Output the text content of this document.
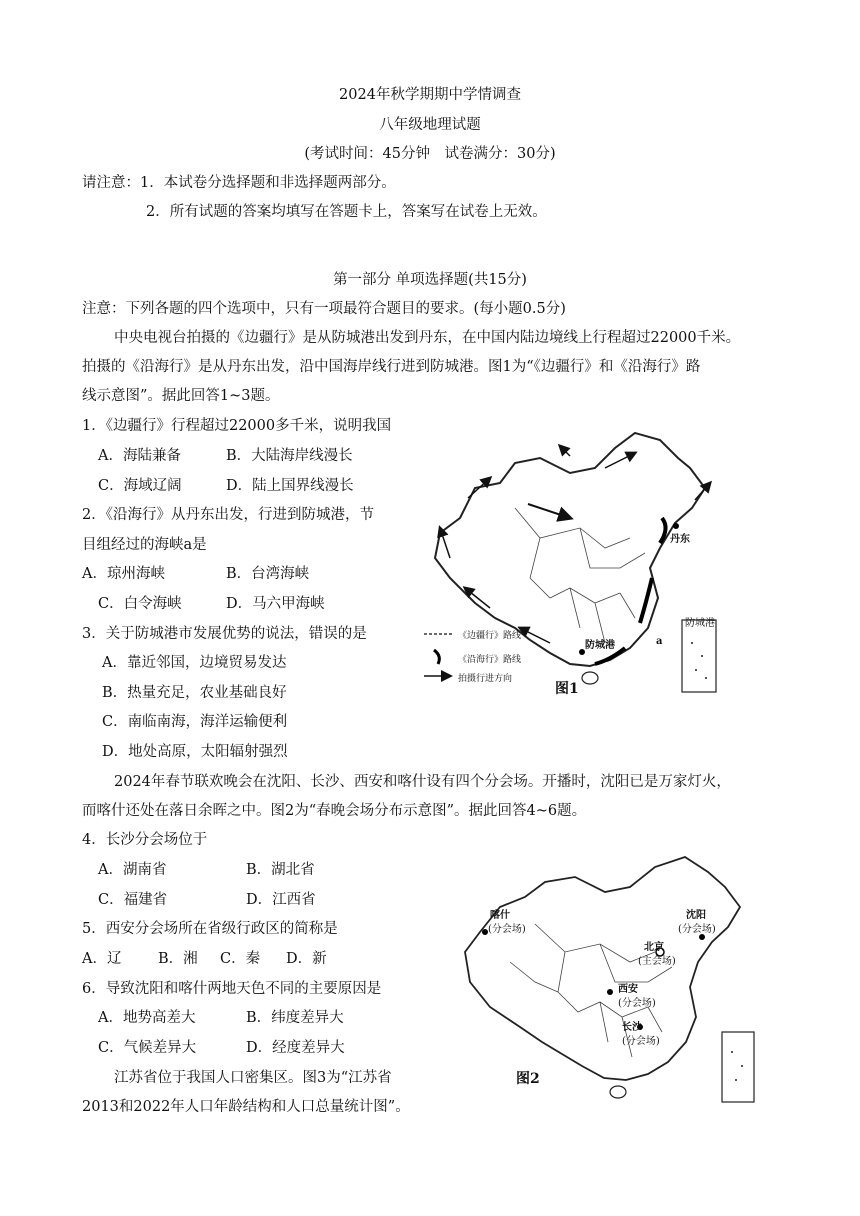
2024年秋学期期中学情调查
八年级地理试题
(考试时间：45分钟　试卷满分：30分)
请注意：1．本试卷分选择题和非选择题两部分。
2．所有试题的答案均填写在答题卡上，答案写在试卷上无效。
第一部分 单项选择题(共15分)
注意：下列各题的四个选项中，只有一项最符合题目的要求。(每小题0.5分)
中央电视台拍摄的《边疆行》是从防城港出发到丹东，在中国内陆边境线上行程超过22000千米。
拍摄的《沿海行》是从丹东出发，沿中国海岸线行进到防城港。图1为“《边疆行》和《沿海行》路
线示意图”。据此回答1~3题。
1．《边疆行》行程超过22000多千米，说明我国
A．海陆兼备	B．大陆海岸线漫长
C．海域辽阔	D．陆上国界线漫长
2．《沿海行》从丹东出发，行进到防城港，节
目组经过的海峡a是
A．琼州海峡	B．台湾海峡
C．白令海峡	D．马六甲海峡
3．关于防城港市发展优势的说法，错误的是
A．靠近邻国，边境贸易发达
B．热量充足，农业基础良好
C．南临南海，海洋运输便利
D．地处高原，太阳辐射强烈
丹东
防城港
防城港
a
《边疆行》路线
《沿海行》路线
拍摄行进方向
图1
2024年春节联欢晚会在沈阳、长沙、西安和喀什设有四个分会场。开播时，沈阳已是万家灯火，
而喀什还处在落日余晖之中。图2为“春晚会场分布示意图”。据此回答4~6题。
4．长沙分会场位于
A．湖南省	B．湖北省
C．福建省	D．江西省
5．西安分会场所在省级行政区的简称是
A．辽	B．湘 C．秦 D．新
6．导致沈阳和喀什两地天色不同的主要原因是
A．地势高差大	B．纬度差异大
C．气候差异大	D．经度差异大
江苏省位于我国人口密集区。图3为“江苏省
2013和2022年人口年龄结构和人口总量统计图”。
喀什
(分会场)
沈阳
(分会场)
北京
(主会场)
西安
(分会场)
长沙
(分会场)
图2
